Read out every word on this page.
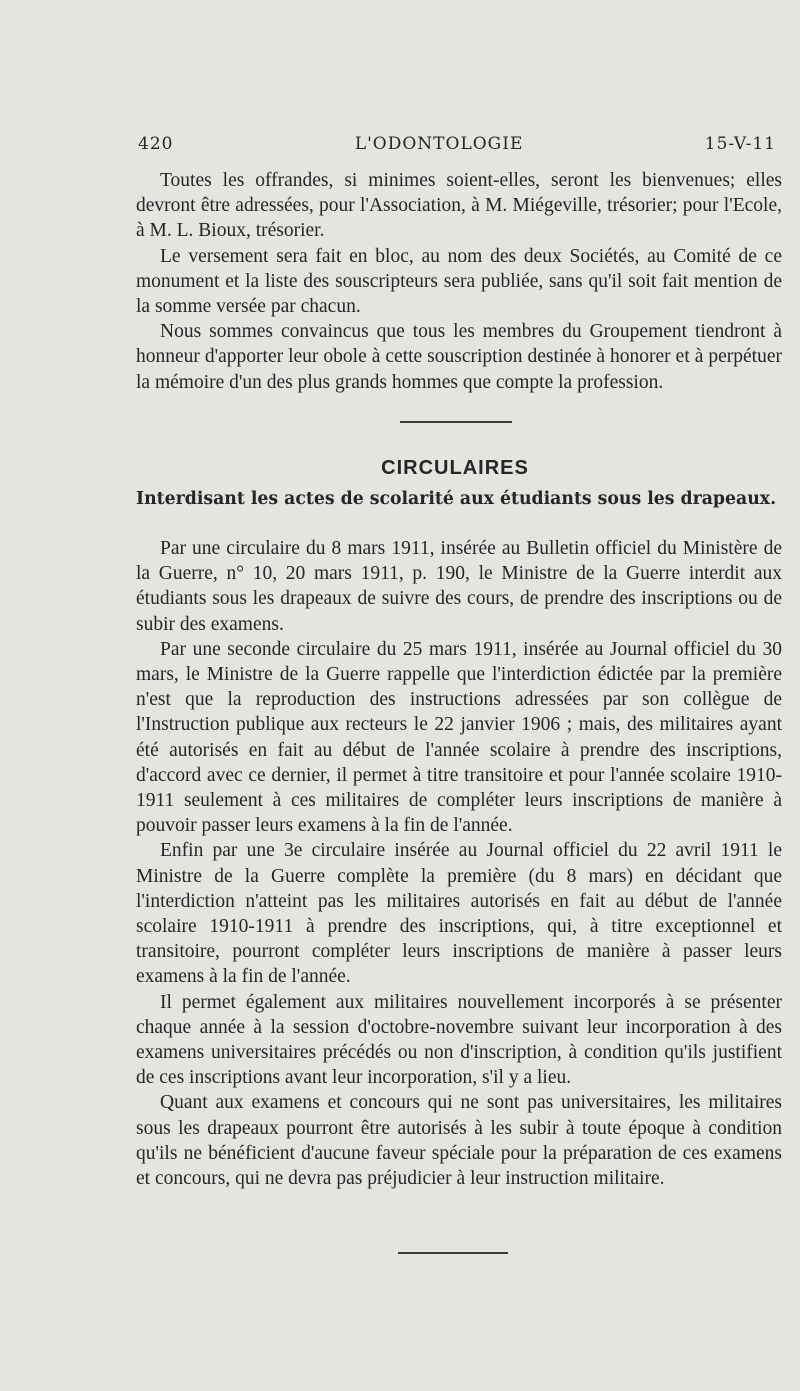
420	L'ODONTOLOGIE	15-V-11

Toutes les offrandes, si minimes soient-elles, seront les bienvenues; elles devront être adressées, pour l'Association, à M. Miégeville, trésorier; pour l'Ecole, à M. L. Bioux, trésorier.

Le versement sera fait en bloc, au nom des deux Sociétés, au Comité de ce monument et la liste des souscripteurs sera publiée, sans qu'il soit fait mention de la somme versée par chacun.

Nous sommes convaincus que tous les membres du Groupement tiendront à honneur d'apporter leur obole à cette souscription destinée à honorer et à perpétuer la mémoire d'un des plus grands hommes que compte la profession.

CIRCULAIRES
Interdisant les actes de scolarité aux étudiants sous les drapeaux.

Par une circulaire du 8 mars 1911, insérée au Bulletin officiel du Ministère de la Guerre, n° 10, 20 mars 1911, p. 190, le Ministre de la Guerre interdit aux étudiants sous les drapeaux de suivre des cours, de prendre des inscriptions ou de subir des examens.

Par une seconde circulaire du 25 mars 1911, insérée au Journal officiel du 30 mars, le Ministre de la Guerre rappelle que l'interdiction édictée par la première n'est que la reproduction des instructions adressées par son collègue de l'Instruction publique aux recteurs le 22 janvier 1906 ; mais, des militaires ayant été autorisés en fait au début de l'année scolaire à prendre des inscriptions, d'accord avec ce dernier, il permet à titre transitoire et pour l'année scolaire 1910-1911 seulement à ces militaires de compléter leurs inscriptions de manière à pouvoir passer leurs examens à la fin de l'année.

Enfin par une 3e circulaire insérée au Journal officiel du 22 avril 1911 le Ministre de la Guerre complète la première (du 8 mars) en décidant que l'interdiction n'atteint pas les militaires autorisés en fait au début de l'année scolaire 1910-1911 à prendre des inscriptions, qui, à titre exceptionnel et transitoire, pourront compléter leurs inscriptions de manière à passer leurs examens à la fin de l'année.

Il permet également aux militaires nouvellement incorporés à se présenter chaque année à la session d'octobre-novembre suivant leur incorporation à des examens universitaires précédés ou non d'inscription, à condition qu'ils justifient de ces inscriptions avant leur incorporation, s'il y a lieu.

Quant aux examens et concours qui ne sont pas universitaires, les militaires sous les drapeaux pourront être autorisés à les subir à toute époque à condition qu'ils ne bénéficient d'aucune faveur spéciale pour la préparation de ces examens et concours, qui ne devra pas préjudicier à leur instruction militaire.
